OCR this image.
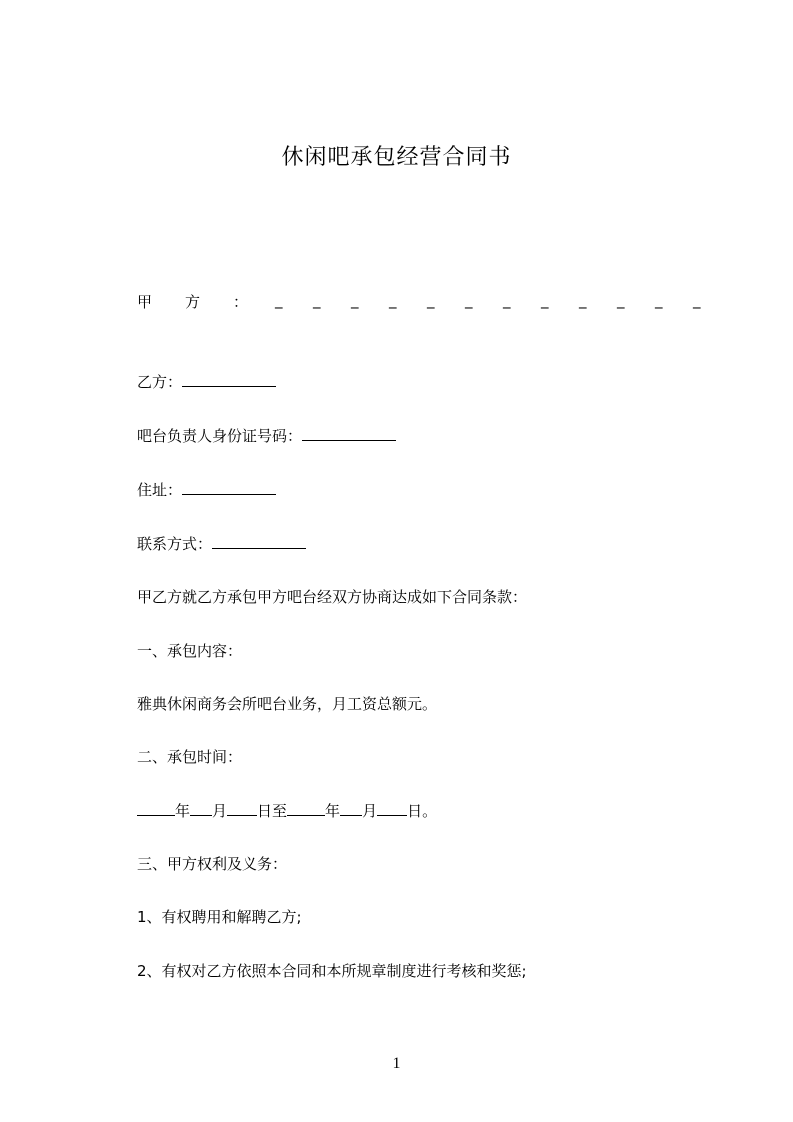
休闲吧承包经营合同书
甲 方 ： _ _ _ _ _ _ _ _ _ _ _ _

乙方：

吧台负责人身份证号码：

住址：

联系方式：

甲乙方就乙方承包甲方吧台经双方协商达成如下合同条款：

一、承包内容：

雅典休闲商务会所吧台业务，月工资总额元。

二、承包时间：

年 月 日至	年 月 日。

三、甲方权利及义务：

1、有权聘用和解聘乙方;

2、有权对乙方依照本合同和本所规章制度进行考核和奖惩;

1
